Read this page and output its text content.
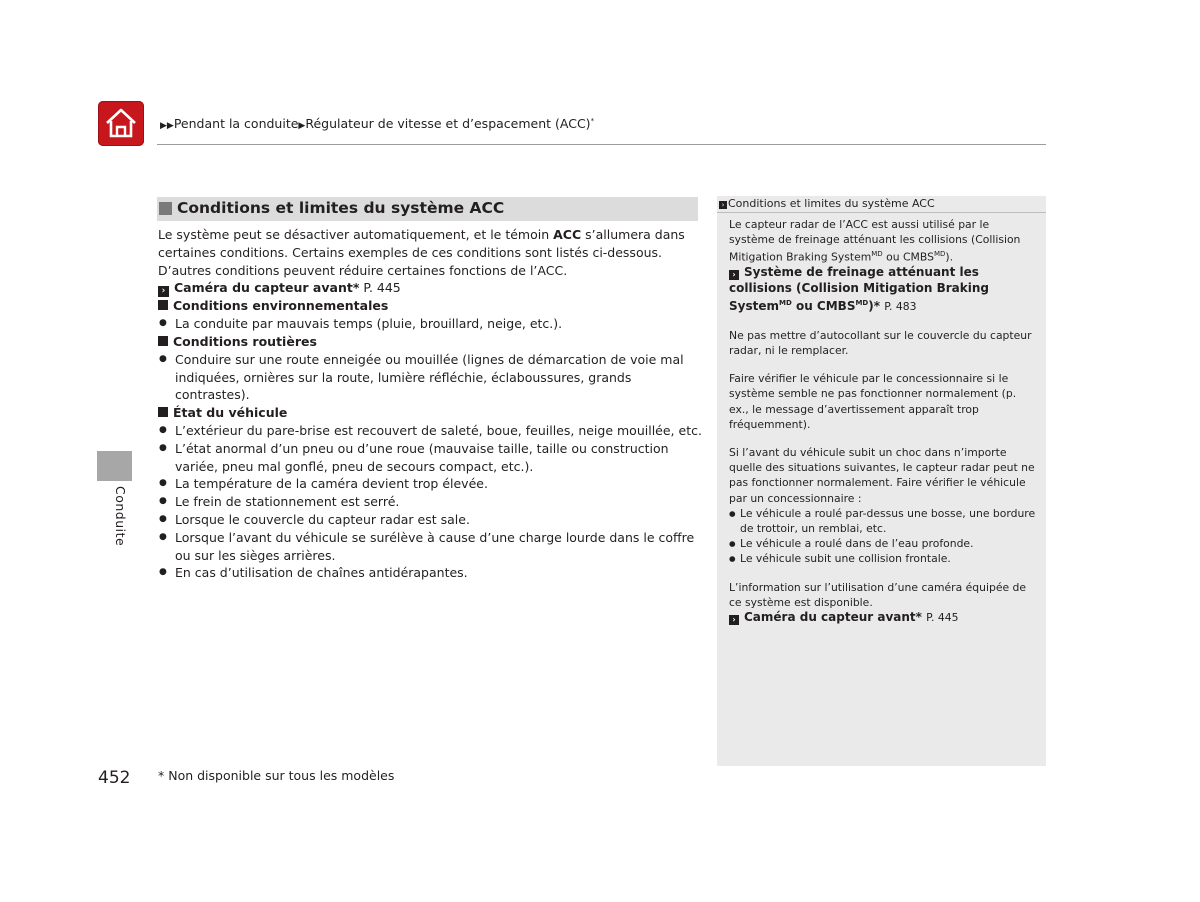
▶▶Pendant la conduite▶Régulateur de vitesse et d’espacement (ACC)*
Conduite
Conditions et limites du système ACC

Le système peut se désactiver automatiquement, et le témoin ACC s’allumera dans certaines conditions. Certains exemples de ces conditions sont listés ci-dessous. D’autres conditions peuvent réduire certaines fonctions de l’ACC.

› Caméra du capteur avant* P. 445

Conditions environnementales

● La conduite par mauvais temps (pluie, brouillard, neige, etc.).

Conditions routières

● Conduire sur une route enneigée ou mouillée (lignes de démarcation de voie mal indiquées, ornières sur la route, lumière réfléchie, éclaboussures, grands contrastes).

État du véhicule

● L’extérieur du pare-brise est recouvert de saleté, boue, feuilles, neige mouillée, etc.
● L’état anormal d’un pneu ou d’une roue (mauvaise taille, taille ou construction variée, pneu mal gonflé, pneu de secours compact, etc.).
● La température de la caméra devient trop élevée.
● Le frein de stationnement est serré.
● Lorsque le couvercle du capteur radar est sale.
● Lorsque l’avant du véhicule se surélève à cause d’une charge lourde dans le coffre ou sur les sièges arrières.
● En cas d’utilisation de chaînes antidérapantes.
› Conditions et limites du système ACC

Le capteur radar de l’ACC est aussi utilisé par le système de freinage atténuant les collisions (Collision Mitigation Braking System$^{MD}$ ou $CMBS^{MD}$).

› Système de freinage atténuant les collisions (Collision Mitigation Braking System$^{MD}$ ou $CMBS^{MD})*$ P. 483

Ne pas mettre d’autocollant sur le couvercle du capteur radar, ni le remplacer.

Faire vérifier le véhicule par le concessionnaire si le système semble ne pas fonctionner normalement (p. ex., le message d’avertissement apparaît trop fréquemment).

Si l’avant du véhicule subit un choc dans n’importe quelle des situations suivantes, le capteur radar peut ne pas fonctionner normalement. Faire vérifier le véhicule par un concessionnaire :

● Le véhicule a roulé par-dessus une bosse, une bordure de trottoir, un remblai, etc.
● Le véhicule a roulé dans de l’eau profonde.
● Le véhicule subit une collision frontale.

L’information sur l’utilisation d’une caméra équipée de ce système est disponible.

› Caméra du capteur avant* P. 445

452 * Non disponible sur tous les modèles
